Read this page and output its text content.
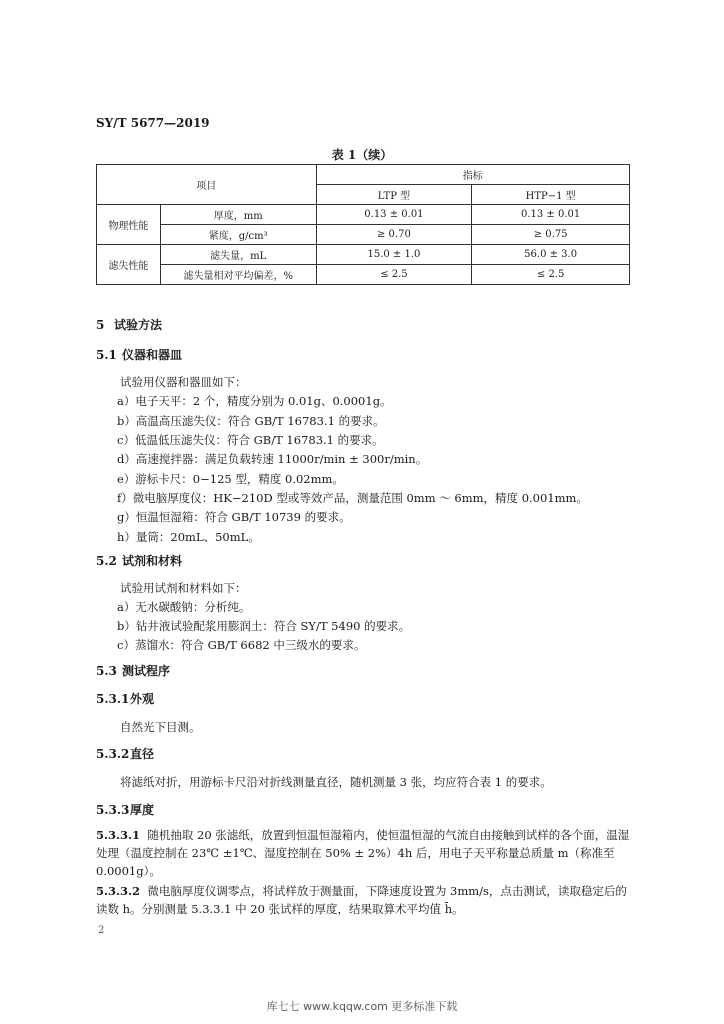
SY/T 5677—2019
表 1（续）
项目		指标	
		LTP 型	HTP−1 型
物理性能	厚度，mm	0.13 ± 0.01	0.13 ± 0.01
	紧度，g/cm³	≥ 0.70	≥ 0.75
滤失性能	滤失量，mL	15.0 ± 1.0	56.0 ± 3.0
	滤失量相对平均偏差，%	≤ 2.5	≤ 2.5
5 试验方法
5.1 仪器和器皿
试验用仪器和器皿如下：
a）电子天平：2 个，精度分别为 0.01g、0.0001g。
b）高温高压滤失仪：符合 GB/T 16783.1 的要求。
c）低温低压滤失仪：符合 GB/T 16783.1 的要求。
d）高速搅拌器：满足负载转速 11000r/min ± 300r/min。
e）游标卡尺：0−125 型，精度 0.02mm。
f）微电脑厚度仪：HK−210D 型或等效产品，测量范围 0mm ～ 6mm，精度 0.001mm。
g）恒温恒湿箱：符合 GB/T 10739 的要求。
h）量筒：20mL、50mL。
5.2 试剂和材料
试验用试剂和材料如下：
a）无水碳酸钠：分析纯。
b）钻井液试验配浆用膨润土：符合 SY/T 5490 的要求。
c）蒸馏水：符合 GB/T 6682 中三级水的要求。
5.3 测试程序
5.3.1外观
自然光下目测。
5.3.2直径
将滤纸对折，用游标卡尺沿对折线测量直径，随机测量 3 张，均应符合表 1 的要求。
5.3.3厚度
5.3.3.1 随机抽取 20 张滤纸，放置到恒温恒湿箱内，使恒温恒湿的气流自由接触到试样的各个面，温湿处理（温度控制在 23℃ ±1℃、湿度控制在 50% ± 2%）4h 后，用电子天平称量总质量 m（称准至 0.0001g）。
5.3.3.2 微电脑厚度仪调零点，将试样放于测量面，下降速度设置为 3mm/s，点击测试，读取稳定后的读数 h。分别测量 5.3.3.1 中 20 张试样的厚度，结果取算术平均值 h̄。
2
库七七 www.kqqw.com 更多标准下载
